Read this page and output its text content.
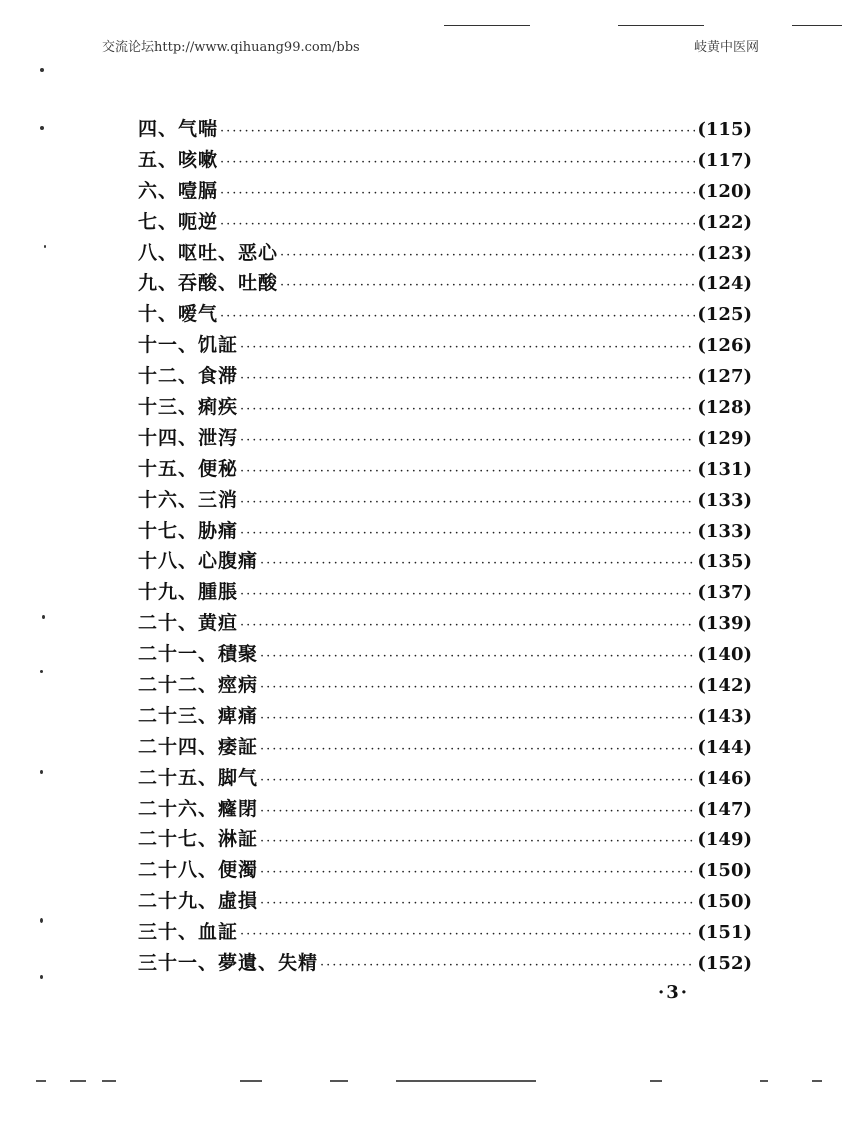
交流论坛http://www.qihuang99.com/bbs	岐黄中医网
四、气喘 ·····	(115)
五、咳嗽 ·····	(117)
六、噎膈 ·····	(120)
七、呃逆 ·····	(122)
八、呕吐、恶心 ·····	(123)
九、吞酸、吐酸 ·····	(124)
十、嗳气 ·····	(125)
十一、饥証 ·····	(126)
十二、食滞 ·····	(127)
十三、痢疾 ·····	(128)
十四、泄泻 ·····	(129)
十五、便秘 ·····	(131)
十六、三消 ·····	(133)
十七、胁痛 ·····	(133)
十八、心腹痛 ·····	(135)
十九、腫脹 ·····	(137)
二十、黄疸 ·····	(139)
二十一、積聚 ·····	(140)
二十二、痙病 ·····	(142)
二十三、痺痛 ·····	(143)
二十四、痿証 ·····	(144)
二十五、脚气 ·····	(146)
二十六、癃閉 ·····	(147)
二十七、淋証 ·····	(149)
二十八、便濁 ·····	(150)
二十九、虛損 ·····	(150)
三十、血証 ·····	(151)
三十一、夢遺、失精 ·····	(152)
·3·
